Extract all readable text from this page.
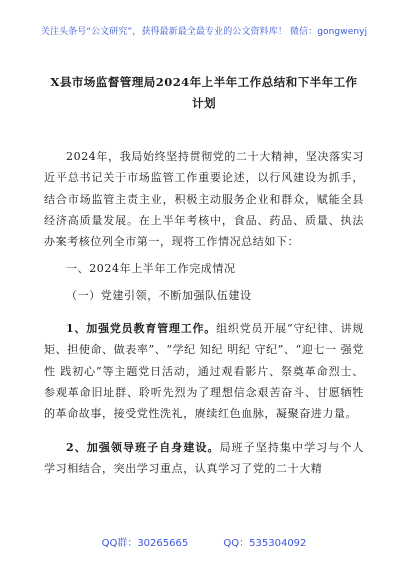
关注头条号“公文研究”，获得最新最全最专业的公文资料库！ 微信：gongwenyj
X县市场监督管理局2024年上半年工作总结和下半年工作
计划

2024年，我局始终坚持贯彻党的二十大精神，坚决落实习近平总书记关于市场监管工作重要论述，以行风建设为抓手，结合市场监管主责主业，积极主动服务企业和群众，赋能全县经济高质量发展。在上半年考核中，食品、药品、质量、执法办案考核位列全市第一，现将工作情况总结如下：

一、2024年上半年工作完成情况

（一）党建引领，不断加强队伍建设

1、加强党员教育管理工作。组织党员开展“守纪律、讲规矩、担使命、做表率”、“学纪 知纪 明纪 守纪”、“迎七一 强党性 践初心”等主题党日活动，通过观看影片、祭奠革命烈士、参观革命旧址群、聆听先烈为了理想信念艰苦奋斗、甘愿牺牲的革命故事，接受党性洗礼，赓续红色血脉，凝聚奋进力量。

2、加强领导班子自身建设。局班子坚持集中学习与个人学习相结合，突出学习重点，认真学习了党的二十大精

QQ群：30265665	QQ：535304092
